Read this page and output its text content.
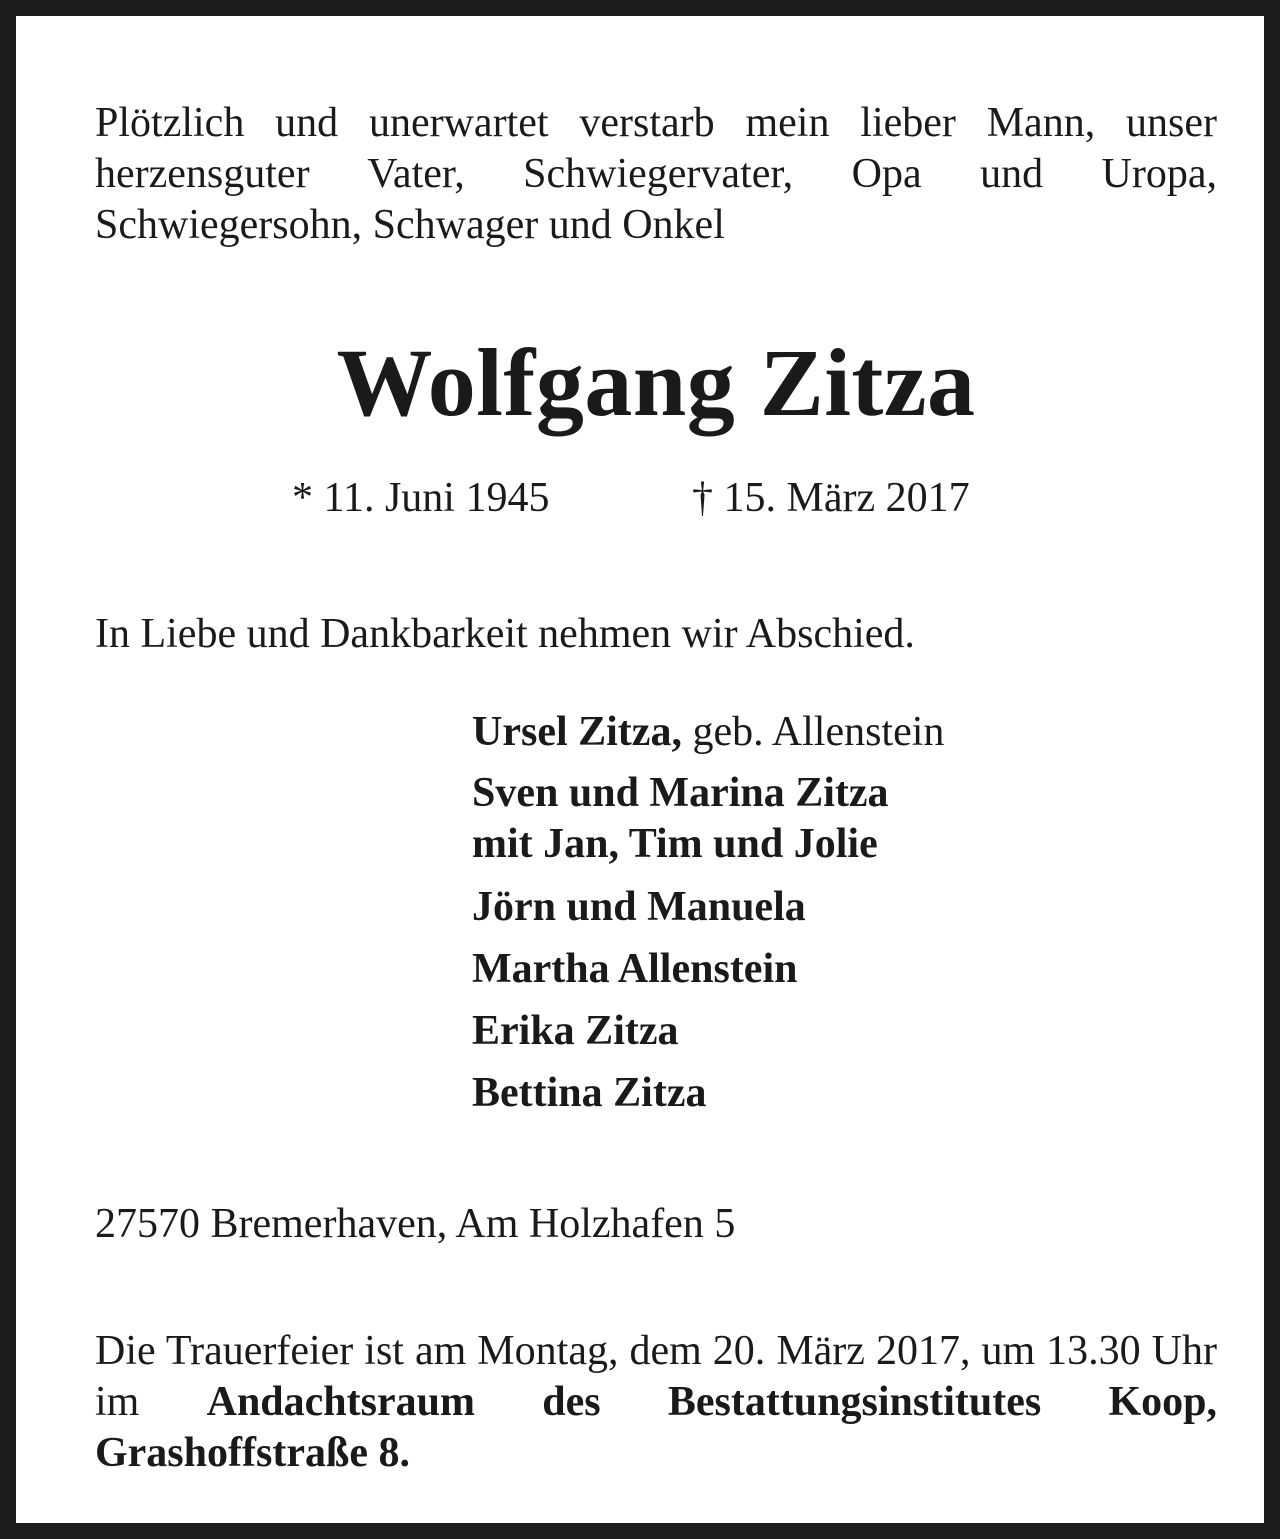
Plötzlich und unerwartet verstarb mein lieber Mann, unser herzensguter Vater, Schwiegervater, Opa und Uropa, Schwiegersohn, Schwager und Onkel
Wolfgang Zitza
* 11. Juni 1945	† 15. März 2017
In Liebe und Dankbarkeit nehmen wir Abschied.
Ursel Zitza, geb. Allenstein
Sven und Marina Zitza
mit Jan, Tim und Jolie
Jörn und Manuela
Martha Allenstein
Erika Zitza
Bettina Zitza
27570 Bremerhaven, Am Holzhafen 5
Die Trauerfeier ist am Montag, dem 20. März 2017, um 13.30 Uhr im Andachtsraum des Bestattungsinstitutes Koop, Grashoffstraße 8.
